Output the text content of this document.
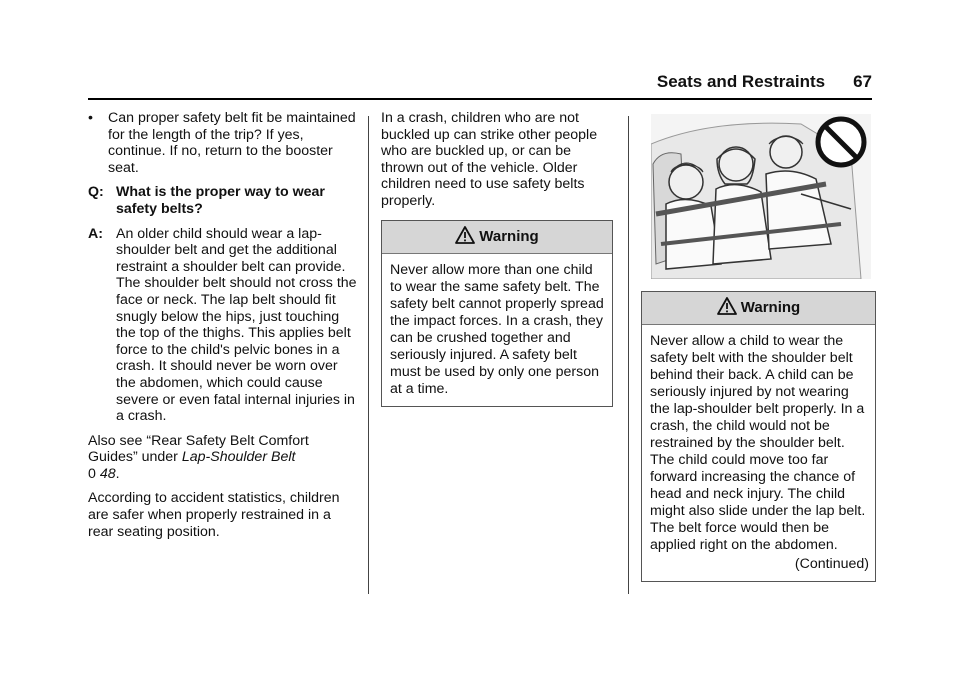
Seats and Restraints 67
•	Can proper safety belt fit be maintained for the length of the trip? If yes, continue. If no, return to the booster seat.
Q: What is the proper way to wear safety belts?
A: An older child should wear a lap-shoulder belt and get the additional restraint a shoulder belt can provide. The shoulder belt should not cross the face or neck. The lap belt should fit snugly below the hips, just touching the top of the thighs. This applies belt force to the child's pelvic bones in a crash. It should never be worn over the abdomen, which could cause severe or even fatal internal injuries in a crash.

Also see “Rear Safety Belt Comfort Guides” under Lap-Shoulder Belt
0 48.

According to accident statistics, children are safer when properly restrained in a rear seating position.

In a crash, children who are not buckled up can strike other people who are buckled up, or can be thrown out of the vehicle. Older children need to use safety belts properly.

Warning
Never allow more than one child to wear the same safety belt. The safety belt cannot properly spread the impact forces. In a crash, they can be crushed together and seriously injured. A safety belt must be used by only one person at a time.
Warning
Never allow a child to wear the safety belt with the shoulder belt behind their back. A child can be seriously injured by not wearing the lap-shoulder belt properly. In a crash, the child would not be restrained by the shoulder belt. The child could move too far forward increasing the chance of head and neck injury. The child might also slide under the lap belt. The belt force would then be applied right on the abdomen.
(Continued)
